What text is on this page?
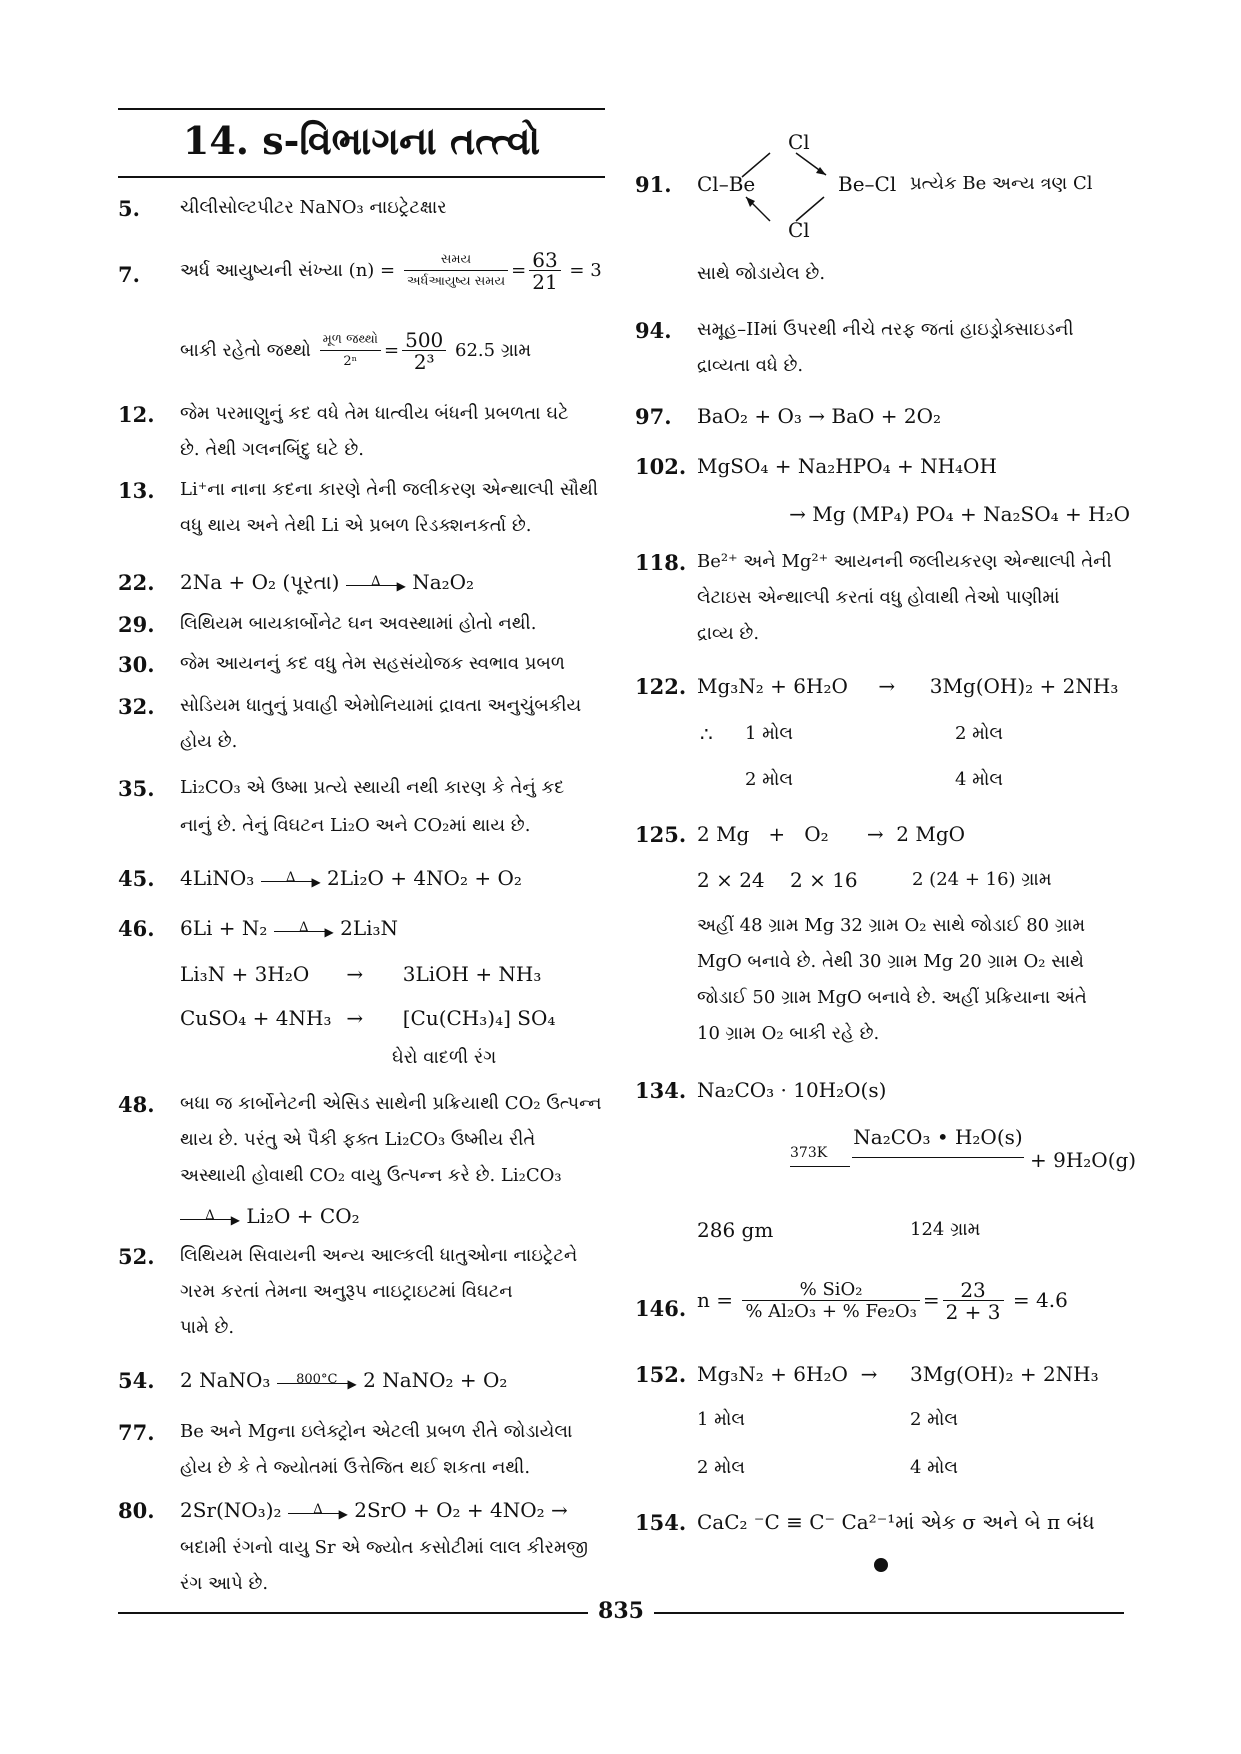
14. s-વિભાગના તત્ત્વો
5. ચીલીસોલ્ટપીટર NaNO₃ નાઇટ્રેટક્ષાર
7. અર્ધ આયુષ્યની સંખ્યા $(n) = \frac{\text{સમય}}{\text{અર્ધઆયુષ્ય સમય}} = \frac{63}{21} = 3$
બાકી રહેતો જથ્થો $\frac{\text{મૂળ જથ્થો}}{\text{2ⁿ}} = \frac{500}{\text{2³}} 62.5$ ગ્રામ
12. જેમ પરમાણુનું કદ વધે તેમ ધાત્વીય બંધની પ્રબળતા ઘટે
છે. તેથી ગલનબિંદુ ઘટે છે.
13. Li⁺ના નાના કદના કારણે તેની જલીકરણ એન્થાલ્પી સૌથી
વધુ થાય અને તેથી Li એ પ્રબળ રિડક્શનકર્તા છે.
22. 2Na + O₂ (પૂરતા)	Δ	▶ Na₂O₂
29. લિથિયમ બાયકાર્બોનેટ ઘન અવસ્થામાં હોતો નથી.
30. જેમ આયનનું કદ વધુ તેમ સહસંયોજક સ્વભાવ પ્રબળ
32. સોડિયમ ધાતુનું પ્રવાહી એમોનિયામાં દ્રાવતા અનુચુંબકીય
હોય છે.
35. Li₂CO₃ એ ઉષ્મા પ્રત્યે સ્થાયી નથી કારણ કે તેનું કદ
નાનું છે. તેનું વિઘટન Li₂O અને CO₂માં થાય છે.
45. 4LiNO₃	Δ	▶ 2Li₂O + 4NO₂ + O₂
46. 6Li + N₂	Δ	▶ 2Li₃N
Li₃N + 3H₂O → 3LiOH + NH₃
CuSO₄ + 4NH₃ → [Cu(CH₃)₄] SO₄
ઘેરો વાદળી રંગ
48. બધા જ કાર્બોનેટની એસિડ સાથેની પ્રક્રિયાથી CO₂ ઉત્પન્ન
થાય છે. પરંતુ એ પૈકી ફક્ત Li₂CO₃ ઉષ્મીય રીતે
અસ્થાયી હોવાથી CO₂ વાયુ ઉત્પન્ન કરે છે. Li₂CO₃
Δ	▶ Li₂O + CO₂
52. લિથિયમ સિવાયની અન્ય આલ્કલી ધાતુઓના નાઇટ્રેટને
ગરમ કરતાં તેમના અનુરૂપ નાઇટ્રાઇટમાં વિઘટન
પામે છે.
54. 2 NaNO₃	800°C ▶ 2 NaNO₂ + O₂
77. Be અને Mgના ઇલેક્ટ્રોન એટલી પ્રબળ રીતે જોડાયેલા
હોય છે કે તે જ્યોતમાં ઉત્તેજિત થઈ શકતા નથી.
80. 2Sr(NO₃)₂	Δ	▶ 2SrO + O₂ + 4NO₂ →
બદામી રંગનો વાયુ Sr એ જ્યોત કસોટીમાં લાલ કીરમજી
રંગ આપે છે.
91.
Cl
Cl
Cl–Be	Be–Cl પ્રત્યેક Be અન્ય ત્રણ Cl
સાથે જોડાયેલ છે.
94. સમૂહ–IIમાં ઉપરથી નીચે તરફ જતાં હાઇડ્રોક્સાઇડની
દ્રાવ્યતા વધે છે.
97. BaO₂ + O₃ → BaO + 2O₂
102. MgSO₄ + Na₂HPO₄ + NH₄OH
→ Mg (MP₄) PO₄ + Na₂SO₄ + H₂O
118. Be²⁺ અને Mg²⁺ આયનની જલીયકરણ એન્થાલ્પી તેની
લેટાઇસ એન્થાલ્પી કરતાં વધુ હોવાથી તેઓ પાણીમાં
દ્રાવ્ય છે.
122. Mg₃N₂ + 6H₂O → 3Mg(OH)₂ + 2NH₃
∴ 1 મોલ	2 મોલ
2 મોલ	4 મોલ
125. 2 Mg   +   O₂      →  2 MgO
2 × 24 2 × 16	2 (24 + 16) ગ્રામ
અહીં 48 ગ્રામ Mg 32 ગ્રામ O₂ સાથે જોડાઈ 80 ગ્રામ
MgO બનાવે છે. તેથી 30 ગ્રામ Mg 20 ગ્રામ O₂ સાથે
જોડાઈ 50 ગ્રામ MgO બનાવે છે. અહીં પ્રક્રિયાના અંતે
10 ગ્રામ O₂ બાકી રહે છે.
134. Na₂CO₃ · 10H₂O(s)
373K
Na₂CO₃ • H₂O(s)
+ 9H₂O(g)
286 gm	124 ગ્રામ
146. $n = \frac{\text{\% SiO₂}}{\text{\% Al₂O₃ + \% Fe₂O₃}} = \frac{23}{2 + 3} = 4.6$
152. Mg₃N₂ + 6H₂O  → 3Mg(OH)₂ + 2NH₃
1 મોલ	2 મોલ
2 મોલ	4 મોલ
154. CaC₂ ⁻C ≡ C⁻ Ca²⁻¹માં એક σ અને બે π બંધ
835
